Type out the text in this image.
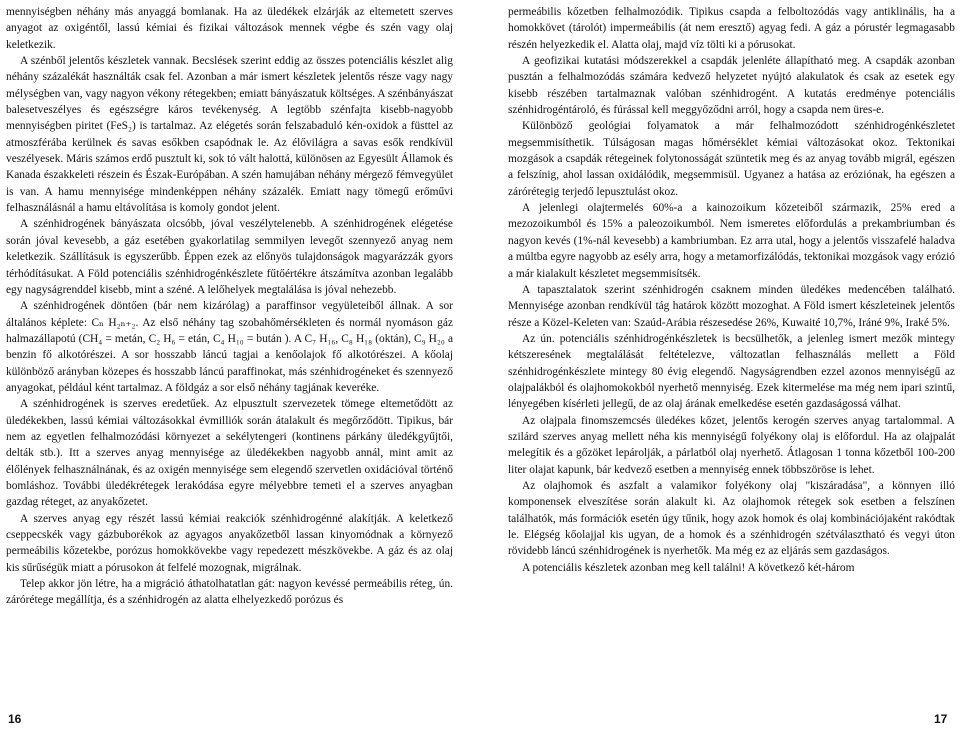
mennyiségben néhány más anyaggá bomlanak. Ha az üledékek elzárják az eltemetett szerves anyagot az oxigéntől, lassú kémiai és fizikai változások mennek végbe és szén vagy olaj keletkezik.

A szénből jelentős készletek vannak. Becslések szerint eddig az összes potenciális készlet alig néhány százalékát használták csak fel. Azonban a már ismert készletek jelentős része vagy nagy mélységben van, vagy nagyon vékony rétegekben; emiatt bányászatuk költséges. A szénbányászat balesetveszélyes és egészségre káros tevékenység. A legtöbb szénfajta kisebb-nagyobb mennyiségben piritet (FeS₂) is tartalmaz. Az elégetés során felszabaduló kén-oxidok a füsttel az atmoszférába kerülnek és savas esőkben csapódnak le. Az élővilágra a savas esők rendkívül veszélyesek. Máris számos erdő pusztult ki, sok tó vált halottá, különösen az Egyesült Államok és Kanada északkeleti részein és Észak-Európában. A szén hamujában néhány mérgező fémvegyület is van. A hamu mennyisége mindenképpen néhány százalék. Emiatt nagy tömegű erőművi felhasználásnál a hamu eltávolítása is komoly gondot jelent.

A szénhidrogének bányászata olcsóbb, jóval veszélytelenebb. A szénhidrogének elégetése során jóval kevesebb, a gáz esetében gyakorlatilag semmilyen levegőt szennyező anyag nem keletkezik. Szállításuk is egyszerűbb. Éppen ezek az előnyös tulajdonságok magyarázzák gyors térhódításukat. A Föld potenciális szénhidrogénkészlete fűtőértékre átszámítva azonban legalább egy nagyságrenddel kisebb, mint a széné. A lelőhelyek megtalálása is jóval nehezebb.

A szénhidrogének döntően (bár nem kizárólag) a paraffinsor vegyületeiből állnak. A sor általános képlete: Cₙ H₂ₙ₊₂. Az első néhány tag szobahőmérsékleten és normál nyomáson gáz halmazállapotú (CH₄ = metán, C₂ H₆ = etán, C₄ H₁₀ = bután ). A C₇ H₁₆, C₈ H₁₈ (oktán), C₉ H₂₀ a benzin fő alkotórészei. A sor hosszabb láncú tagjai a kenőolajok fő alkotórészei. A kőolaj különböző arányban közepes és hosszabb láncú paraffinokat, más szénhidrogéneket és szennyező anyagokat, például ként tartalmaz. A földgáz a sor első néhány tagjának keveréke.

A szénhidrogének is szerves eredetűek. Az elpusztult szervezetek tömege eltemetődött az üledékekben, lassú kémiai változásokkal évmilliók során átalakult és megőrződött. Tipikus, bár nem az egyetlen felhalmozódási környezet a sekélytengeri (kontinens párkány üledékgyűjtői, delták stb.). Itt a szerves anyag mennyisége az üledékekben nagyobb annál, mint amit az élőlények felhasználnának, és az oxigén mennyisége sem elegendő szervetlen oxidációval történő bomláshoz. További üledékrétegek lerakódása egyre mélyebbre temeti el a szerves anyagban gazdag réteget, az anyakőzetet.

A szerves anyag egy részét lassú kémiai reakciók szénhidrogénné alakítják. A keletkező cseppecskék vagy gázbuborékok az agyagos anyakőzetből lassan kinyomódnak a környező permeábilis kőzetekbe, porózus homokkövekbe vagy repedezett mészkövekbe. A gáz és az olaj kis sűrűségük miatt a pórusokon át felfelé mozognak, migrálnak.

Telep akkor jön létre, ha a migráció áthatolhatatlan gát: nagyon kevéssé permeábilis réteg, ún. zárórétege megállítja, és a szénhidrogén az alatta elhelyezkedő porózus és

permeábilis kőzetben felhalmozódik. Tipikus csapda a felboltozódás vagy antiklinális, ha a homokkövet (tárolót) impermeábilis (át nem eresztő) agyag fedi. A gáz a pórustér legmagasabb részén helyezkedik el. Alatta olaj, majd víz tölti ki a pórusokat.

A geofizikai kutatási módszerekkel a csapdák jelenléte állapítható meg. A csapdák azonban pusztán a felhalmozódás számára kedvező helyzetet nyújtó alakulatok és csak az esetek egy kisebb részében tartalmaznak valóban szénhidrogént. A kutatás eredménye potenciális szénhidrogéntároló, és fúrással kell meggyőződni arról, hogy a csapda nem üres-e.

Különböző geológiai folyamatok a már felhalmozódott szénhidrogénkészletet megsemmisíthetik. Túlságosan magas hőmérséklet kémiai változásokat okoz. Tektonikai mozgások a csapdák rétegeinek folytonosságát szüntetik meg és az anyag tovább migrál, egészen a felszínig, ahol lassan oxidálódik, megsemmisül. Ugyanez a hatása az eróziónak, ha egészen a zárórétegig terjedő lepusztulást okoz.

A jelenlegi olajtermelés 60%-a a kainozoikum kőzeteiből származik, 25% ered a mezozoikumból és 15% a paleozoikumból. Nem ismeretes előfordulás a prekambriumban és nagyon kevés (1%-nál kevesebb) a kambriumban. Ez arra utal, hogy a jelentős visszafelé haladva a múltba egyre nagyobb az esély arra, hogy a metamorfizálódás, tektonikai mozgások vagy erózió a már kialakult készletet megsemmisítsék.

A tapasztalatok szerint szénhidrogén csaknem minden üledékes medencében található. Mennyisége azonban rendkívül tág határok között mozoghat. A Föld ismert készleteinek jelentős része a Közel-Keleten van: Szaúd-Arábia részesedése 26%, Kuwaité 10,7%, Iráné 9%, Iraké 5%.

Az ún. potenciális szénhidrogénkészletek is becsülhetők, a jelenleg ismert mezők mintegy kétszeresének megtalálását feltételezve, változatlan felhasználás mellett a Föld szénhidrogénkészlete mintegy 80 évig elegendő. Nagyságrendben ezzel azonos mennyiségű az olajpalákból és olajhomokokból nyerhető mennyiség. Ezek kitermelése ma még nem ipari szintű, lényegében kísérleti jellegű, de az olaj árának emelkedése esetén gazdaságossá válhat.

Az olajpala finomszemcsés üledékes kőzet, jelentős kerogén szerves anyag tartalommal. A szilárd szerves anyag mellett néha kis mennyiségű folyékony olaj is előfordul. Ha az olajpalát melegítik és a gőzöket lepárolják, a párlatból olaj nyerhető. Átlagosan 1 tonna kőzetből 100-200 liter olajat kapunk, bár kedvező esetben a mennyiség ennek többszöröse is lehet.

Az olajhomok és aszfalt a valamikor folyékony olaj "kiszáradása", a könnyen illó komponensek elveszítése során alakult ki. Az olajhomok rétegek sok esetben a felszínen találhatók, más formációk esetén úgy tűnik, hogy azok homok és olaj kombinációjaként rakódtak le. Elégség kőolajjal kis ugyan, de a homok és a szénhidrogén szétválasztható és vegyi úton rövidebb láncú szénhidrogének is nyerhetők. Ma még ez az eljárás sem gazdaságos.

A potenciális készletek azonban meg kell találni! A következő két-három

16	17
